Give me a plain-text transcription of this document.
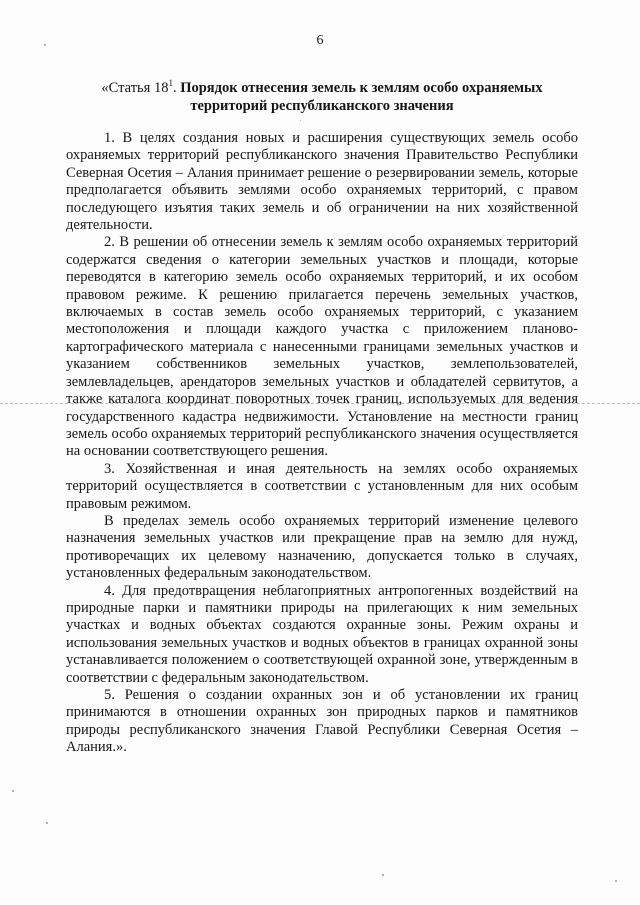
6
«Статья $18^1$. Порядок отнесения земель к землям особо охраняемых территорий республиканского значения

1. В целях создания новых и расширения существующих земель особо охраняемых территорий республиканского значения Правительство Республики Северная Осетия – Алания принимает решение о резервировании земель, которые предполагается объявить землями особо охраняемых территорий, с правом последующего изъятия таких земель и об ограничении на них хозяйственной деятельности.

2. В решении об отнесении земель к землям особо охраняемых территорий содержатся сведения о категории земельных участков и площади, которые переводятся в категорию земель особо охраняемых территорий, и их особом правовом режиме. К решению прилагается перечень земельных участков, включаемых в состав земель особо охраняемых территорий, с указанием местоположения и площади каждого участка с приложением планово-картографического материала с нанесенными границами земельных участков и указанием собственников земельных участков, землепользователей, землевладельцев, арендаторов земельных участков и обладателей сервитутов, а также каталога координат поворотных точек границ, используемых для ведения государственного кадастра недвижимости. Установление на местности границ земель особо охраняемых территорий республиканского значения осуществляется на основании соответствующего решения.

3. Хозяйственная и иная деятельность на землях особо охраняемых территорий осуществляется в соответствии с установленным для них особым правовым режимом.

В пределах земель особо охраняемых территорий изменение целевого назначения земельных участков или прекращение прав на землю для нужд, противоречащих их целевому назначению, допускается только в случаях, установленных федеральным законодательством.

4. Для предотвращения неблагоприятных антропогенных воздействий на природные парки и памятники природы на прилегающих к ним земельных участках и водных объектах создаются охранные зоны. Режим охраны и использования земельных участков и водных объектов в границах охранной зоны устанавливается положением о соответствующей охранной зоне, утвержденным в соответствии с федеральным законодательством.

5. Решения о создании охранных зон и об установлении их границ принимаются в отношении охранных зон природных парков и памятников природы республиканского значения Главой Республики Северная Осетия – Алания.».
